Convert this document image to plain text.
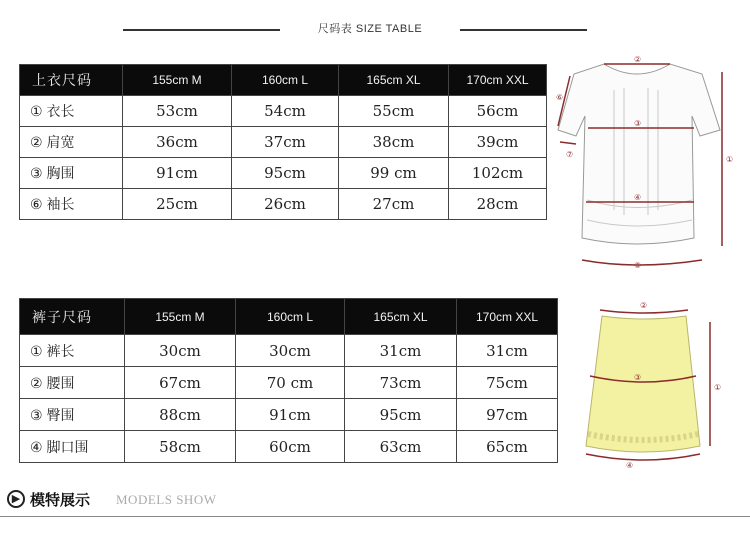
尺码表 SIZE TABLE
上衣尺码	155cm M	160cm L	165cm XL	170cm XXL
① 衣长	53cm	54cm	55cm	56cm
② 肩宽	36cm	37cm	38cm	39cm
③ 胸围	91cm	95cm	99 cm	102cm
⑥ 袖长	25cm	26cm	27cm	28cm
⑥
⑦
①
②
③
④
⑤
裤子尺码	155cm M	160cm L	165cm XL	170cm XXL
① 裤长	30cm	30cm	31cm	31cm
② 腰围	67cm	70 cm	73cm	75cm
③ 臀围	88cm	91cm	95cm	97cm
④ 脚口围	58cm	60cm	63cm	65cm
②
③
①
④
▶ 模特展示 MODELS SHOW
